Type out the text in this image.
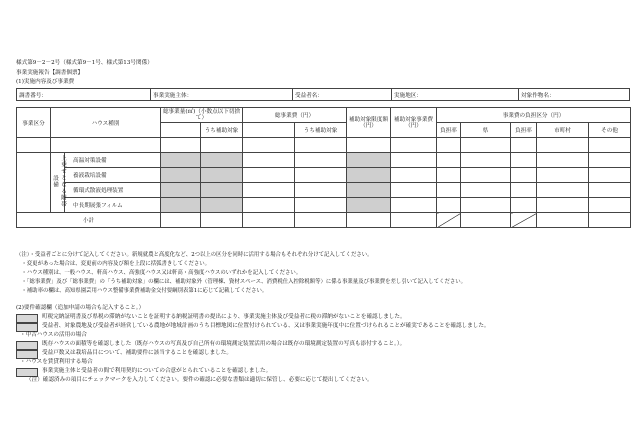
様式第9－2－2号（様式第9－1号、様式第13号関係）
事業実施報告【調書個票】
(1)実施内容及び事業費
調書番号：	事業実施主体：	受益者名：	実施地区：	対象作物名：
事業区分	ハウス種別		総事業量(㎡)（小数点以下切捨て）		総事業費（円）		補助対象限度額（円）	補助対象事業費（円）	事業費の負担区分（円）				
				うち補助対象		うち補助対象			負担率	県	負担率	市町村	その他

	上乗せとなる附帯設備	高温対策設備											
		養液栽培設備											
		循環式散液処理装置											
		中長期展張フィルム											
小計													
（注）・受益者ごとに分けて記入してください。新規就農と高度化など、2つ以上の区分を同時に活用する場合もそれぞれ分けて記入してください。
　・変更があった場合は、変更前の内容及び額を上段に括弧書きしてください。
　・ハウス種別は、一般ハウス、軒高ハウス、高強度ハウス又は軒高・高強度ハウスのいずれかを記入してください。
　・「総事業費」及び「総事業費」の「うち補助対象」の欄には、補助対象外（管理棟、資材スペース、消費税仕入控除税額等）に係る事業量及び事業費を差し引いて記入してください。
　・補助率の欄は、高知県園芸用ハウス整備事業費補助金交付要綱別表第1に応じて記載してください。
(2)要件確認欄（追加申請の場合も記入すること。）
町税完納証明書及び県税の滞納がないことを証明する納税証明書の提出により、事業実施主体及び受益者に税の滞納がないことを確認しました。
受益者、対象農地及び受益者が経営している農地が地域計画のうち目標地図に位置付けられている、又は事業実施年度中に位置づけられることが確実であることを確認しました。
・中古ハウスの活用の場合
既存ハウスの面積等を確認しました（既存ハウスの写真及び自己所有の環境測定装置活用の場合は既存の環境測定装置の写真も添付すること。）。
受益戸数又は栽培品目について、補助要件に該当することを確認しました。
・ハウスを賃貸利用する場合
事業実施主体と受益者の間で利用契約についての合意がとられていることを確認しました。
（注）確認済みの項目にチェックマークを入力してください。要件の確認に必要な書類は適切に保管し、必要に応じて提出してください。
